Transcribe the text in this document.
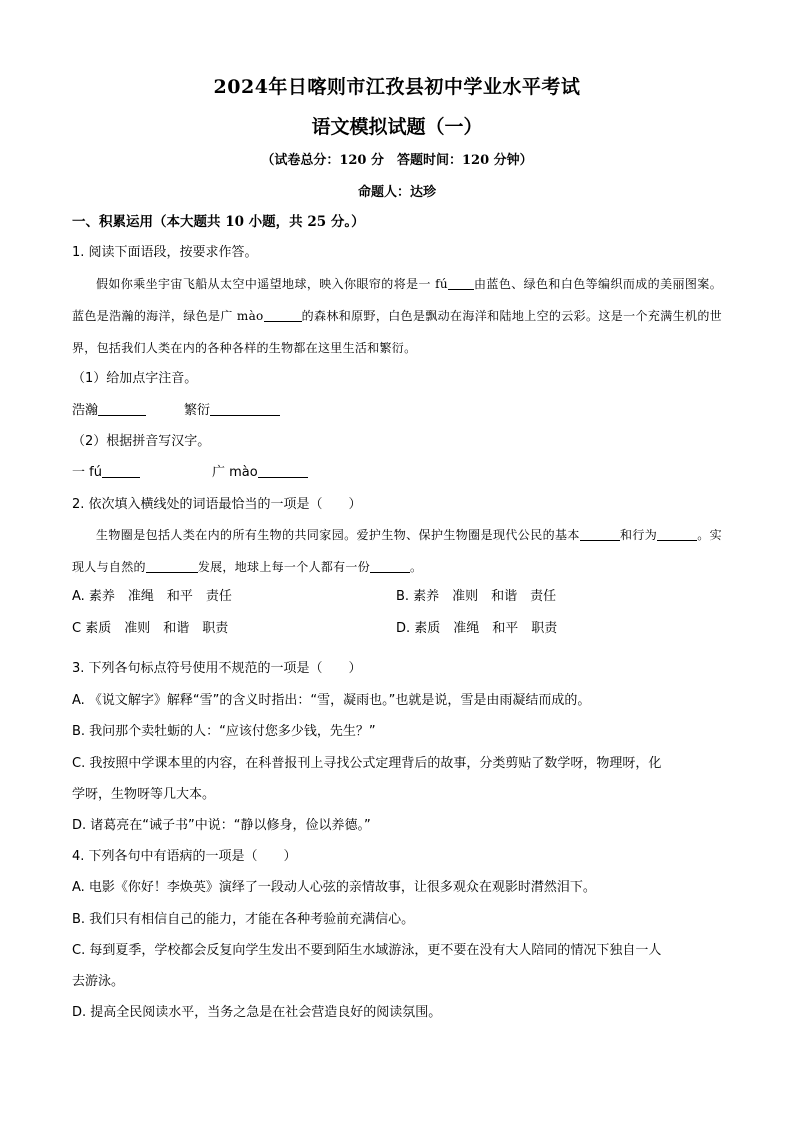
2024年日喀则市江孜县初中学业水平考试
语文模拟试题（一）
（试卷总分：120 分　答题时间：120 分钟）
命题人：达珍
一、积累运用（本大题共 10 小题，共 25 分。）
1. 阅读下面语段，按要求作答。
假如你乘坐宇宙飞船从太空中遥望地球，映入你眼帘的将是一 fú 由蓝色、绿色和白色等编织而成的美丽图案。蓝色是浩瀚的海洋，绿色是广 mào	的森林和原野，白色是飘动在海洋和陆地上空的云彩。这是一个充满生机的世界，包括我们人类在内的各种各样的生物都在这里生活和繁衍。
（1）给加点字注音。
浩瀚	繁衍
（2）根据拼音写汉字。
一 fú	广 mào
2. 依次填入横线处的词语最恰当的一项是（　　）
生物圈是包括人类在内的所有生物的共同家园。爱护生物、保护生物圈是现代公民的基本	和行为	。实现人与自然的	发展，地球上每一个人都有一份	。
A. 素养　准绳　和平　责任	B. 素养　准则　和谐　责任
C 素质　准则　和谐　职责	D. 素质　准绳　和平　职责
3. 下列各句标点符号使用不规范的一项是（　　）
A. 《说文解字》解释“雪”的含义时指出：“雪，凝雨也。”也就是说，雪是由雨凝结而成的。
B. 我问那个卖牡蛎的人：“应该付您多少钱，先生？”
C. 我按照中学课本里的内容，在科普报刊上寻找公式定理背后的故事，分类剪贴了数学呀，物理呀，化
学呀，生物呀等几大本。
D. 诸葛亮在“诫子书”中说：“静以修身，俭以养德。”
4. 下列各句中有语病的一项是（　　）
A. 电影《你好！李焕英》演绎了一段动人心弦的亲情故事，让很多观众在观影时潸然泪下。
B. 我们只有相信自己的能力，才能在各种考验前充满信心。
C. 每到夏季，学校都会反复向学生发出不要到陌生水域游泳，更不要在没有大人陪同的情况下独自一人
去游泳。
D. 提高全民阅读水平，当务之急是在社会营造良好的阅读氛围。
